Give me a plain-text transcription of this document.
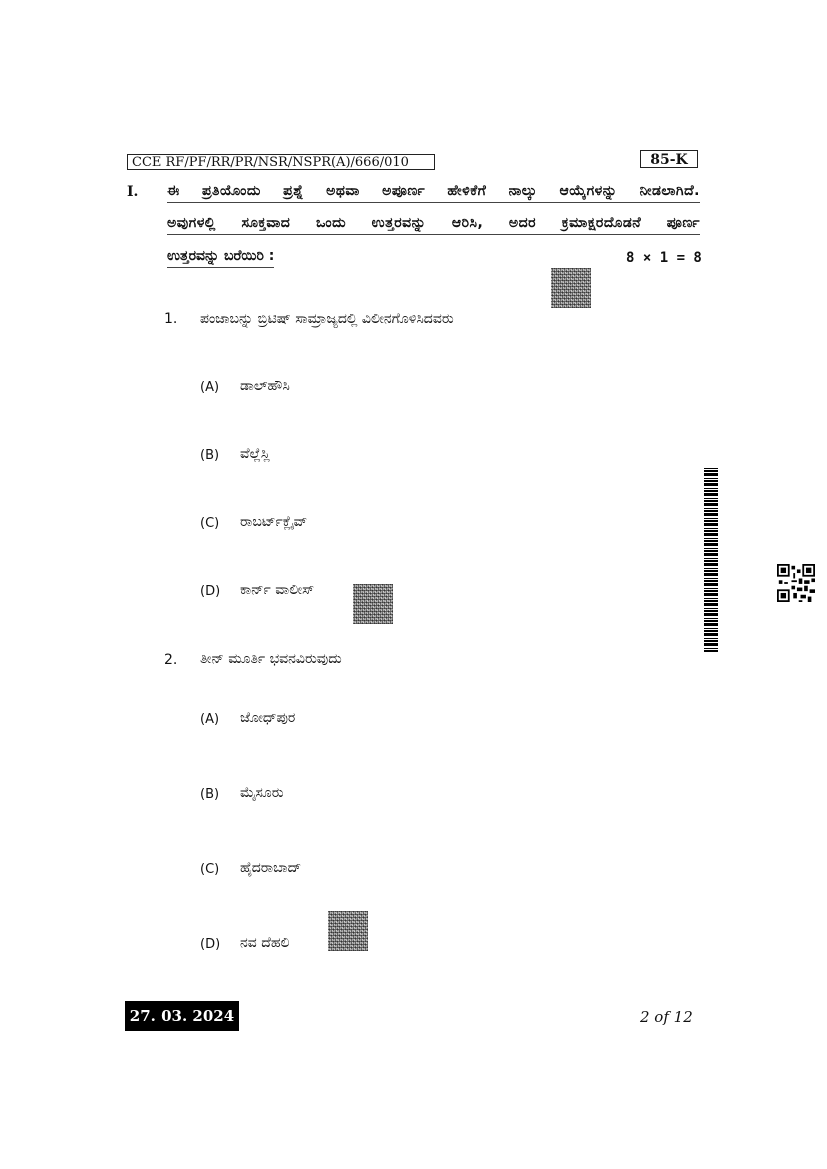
CCE RF/PF/RR/PR/NSR/NSPR(A)/666/010	85-K
I. ಈ ಪ್ರತಿಯೊಂದು ಪ್ರಶ್ನೆ ಅಥವಾ ಅಪೂರ್ಣ ಹೇಳಿಕೆಗೆ ನಾಲ್ಕು ಆಯ್ಕೆಗಳನ್ನು ನೀಡಲಾಗಿದೆ.
ಅವುಗಳಲ್ಲಿ ಸೂಕ್ತವಾದ ಒಂದು ಉತ್ತರವನ್ನು ಆರಿಸಿ, ಅದರ ಕ್ರಮಾಕ್ಷರದೊಡನೆ ಪೂರ್ಣ
ಉತ್ತರವನ್ನು ಬರೆಯಿರಿ :	8 × 1 = 8
1. ಪಂಜಾಬನ್ನು ಬ್ರಿಟಿಷ್ ಸಾಮ್ರಾಜ್ಯದಲ್ಲಿ ವಿಲೀನಗೊಳಿಸಿದವರು
(A) ಡಾಲ್‌ಹೌಸಿ
(B) ವೆಲ್ಲೆಸ್ಲಿ
(C) ರಾಬರ್ಟ್‌ಕ್ಲೈವ್
(D) ಕಾರ್ನ್ ವಾಲೀಸ್
2. ತೀನ್ ಮೂರ್ತಿ ಭವನವಿರುವುದು
(A) ಜೋಧ್‌ಪುರ
(B) ಮೈಸೂರು
(C) ಹೈದರಾಬಾದ್
(D) ನವ ದೆಹಲಿ
27. 03. 2024	2 of 12
